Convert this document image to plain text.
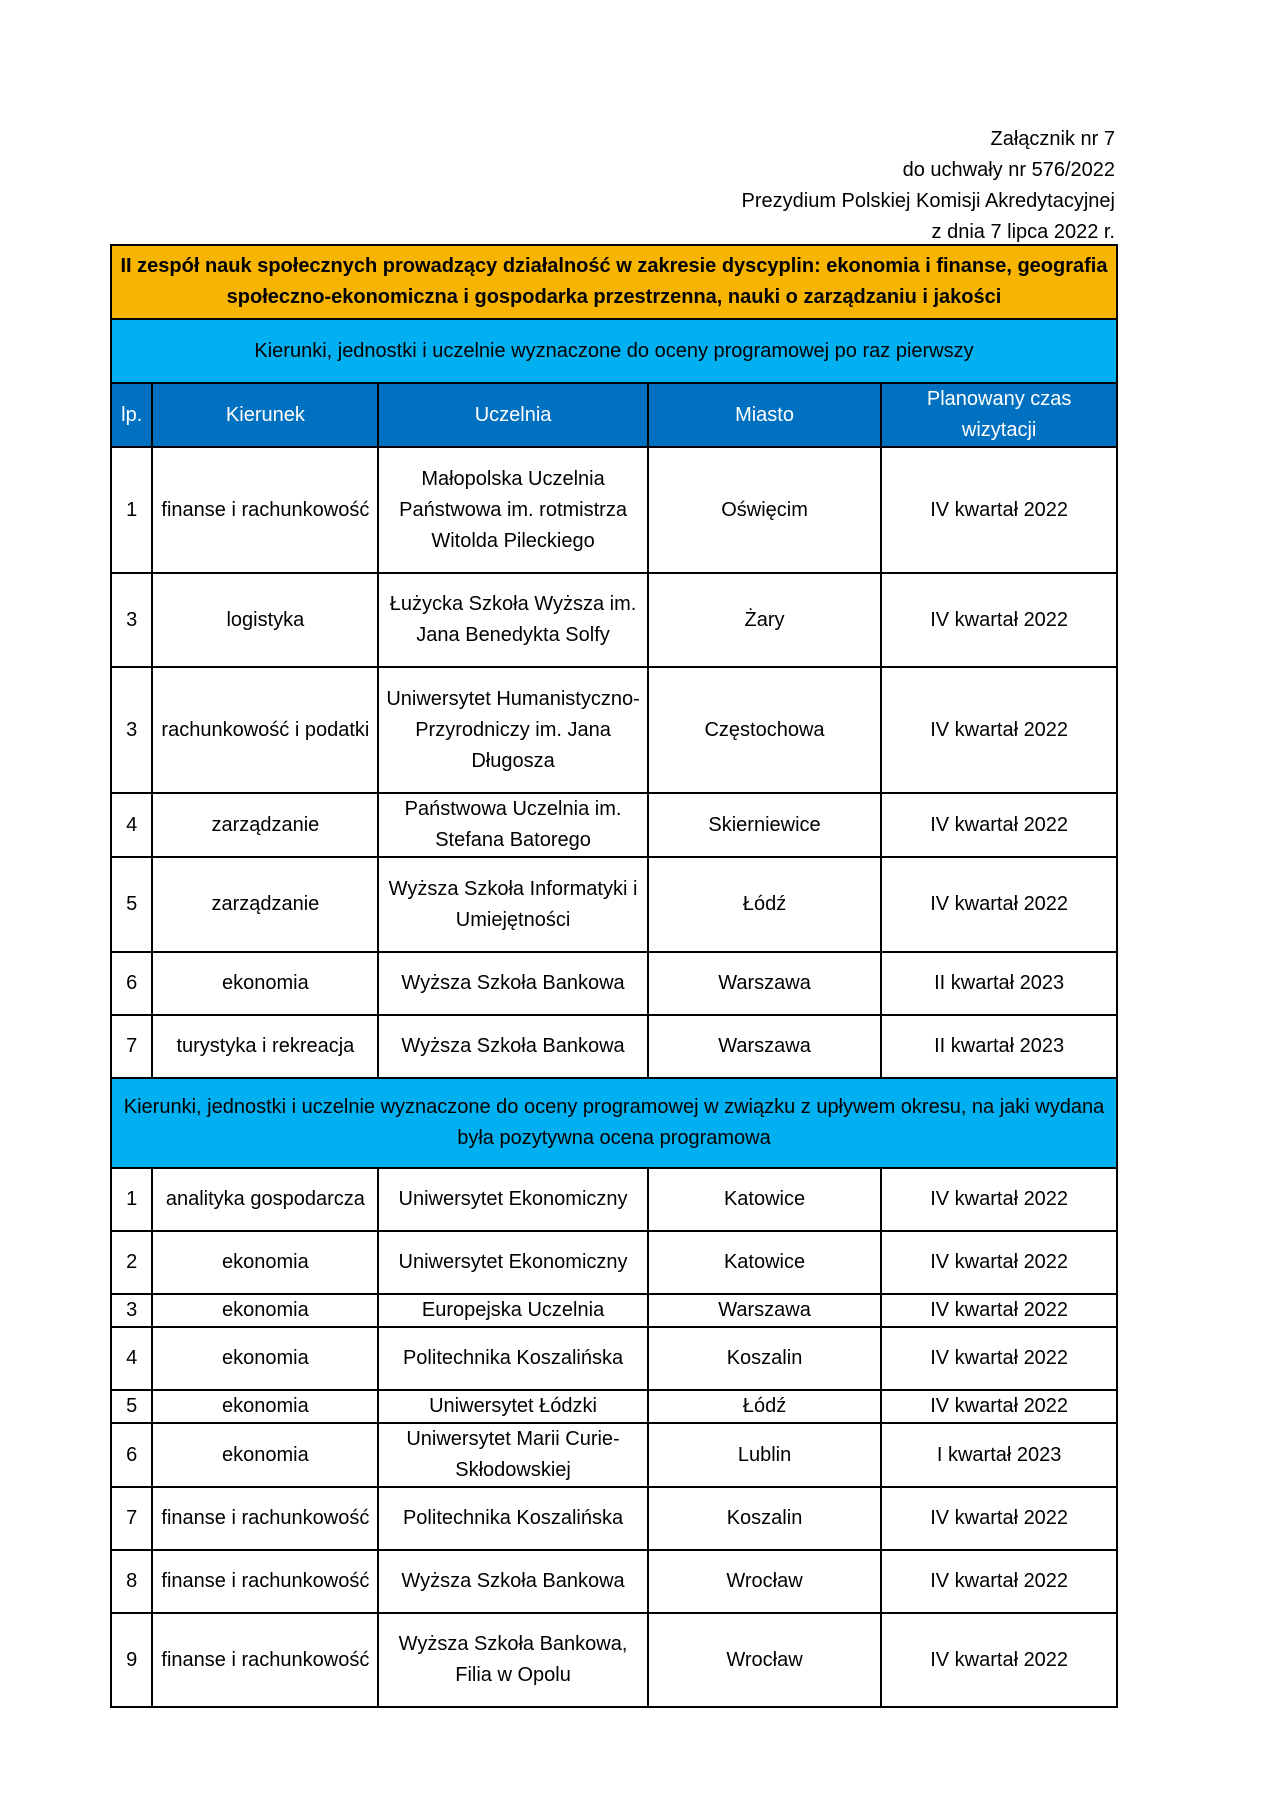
Załącznik nr 7
do uchwały nr 576/2022
Prezydium Polskiej Komisji Akredytacyjnej
z dnia 7 lipca 2022 r.
II zespół nauk społecznych prowadzący działalność w zakresie dyscyplin: ekonomia i finanse, geografia społeczno-ekonomiczna i gospodarka przestrzenna, nauki o zarządzaniu i jakości				
Kierunki, jednostki i uczelnie wyznaczone do oceny programowej po raz pierwszy				
lp.	Kierunek	Uczelnia	Miasto	Planowany czas wizytacji
1	finanse i rachunkowość	Małopolska Uczelnia Państwowa im. rotmistrza Witolda Pileckiego	Oświęcim	IV kwartał 2022
3	logistyka	Łużycka Szkoła Wyższa im. Jana Benedykta Solfy	Żary	IV kwartał 2022
3	rachunkowość i podatki	Uniwersytet Humanistyczno-Przyrodniczy im. Jana Długosza	Częstochowa	IV kwartał 2022
4	zarządzanie	Państwowa Uczelnia im. Stefana Batorego	Skierniewice	IV kwartał 2022
5	zarządzanie	Wyższa Szkoła Informatyki i Umiejętności	Łódź	IV kwartał 2022
6	ekonomia	Wyższa Szkoła Bankowa	Warszawa	II kwartał 2023
7	turystyka i rekreacja	Wyższa Szkoła Bankowa	Warszawa	II kwartał 2023
Kierunki, jednostki i uczelnie wyznaczone do oceny programowej w związku z upływem okresu, na jaki wydana była pozytywna ocena programowa				
1	analityka gospodarcza	Uniwersytet Ekonomiczny	Katowice	IV kwartał 2022
2	ekonomia	Uniwersytet Ekonomiczny	Katowice	IV kwartał 2022
3	ekonomia	Europejska Uczelnia	Warszawa	IV kwartał 2022
4	ekonomia	Politechnika Koszalińska	Koszalin	IV kwartał 2022
5	ekonomia	Uniwersytet Łódzki	Łódź	IV kwartał 2022
6	ekonomia	Uniwersytet Marii Curie-Skłodowskiej	Lublin	I kwartał 2023
7	finanse i rachunkowość	Politechnika Koszalińska	Koszalin	IV kwartał 2022
8	finanse i rachunkowość	Wyższa Szkoła Bankowa	Wrocław	IV kwartał 2022
9	finanse i rachunkowość	Wyższa Szkoła Bankowa, Filia w Opolu	Wrocław	IV kwartał 2022
